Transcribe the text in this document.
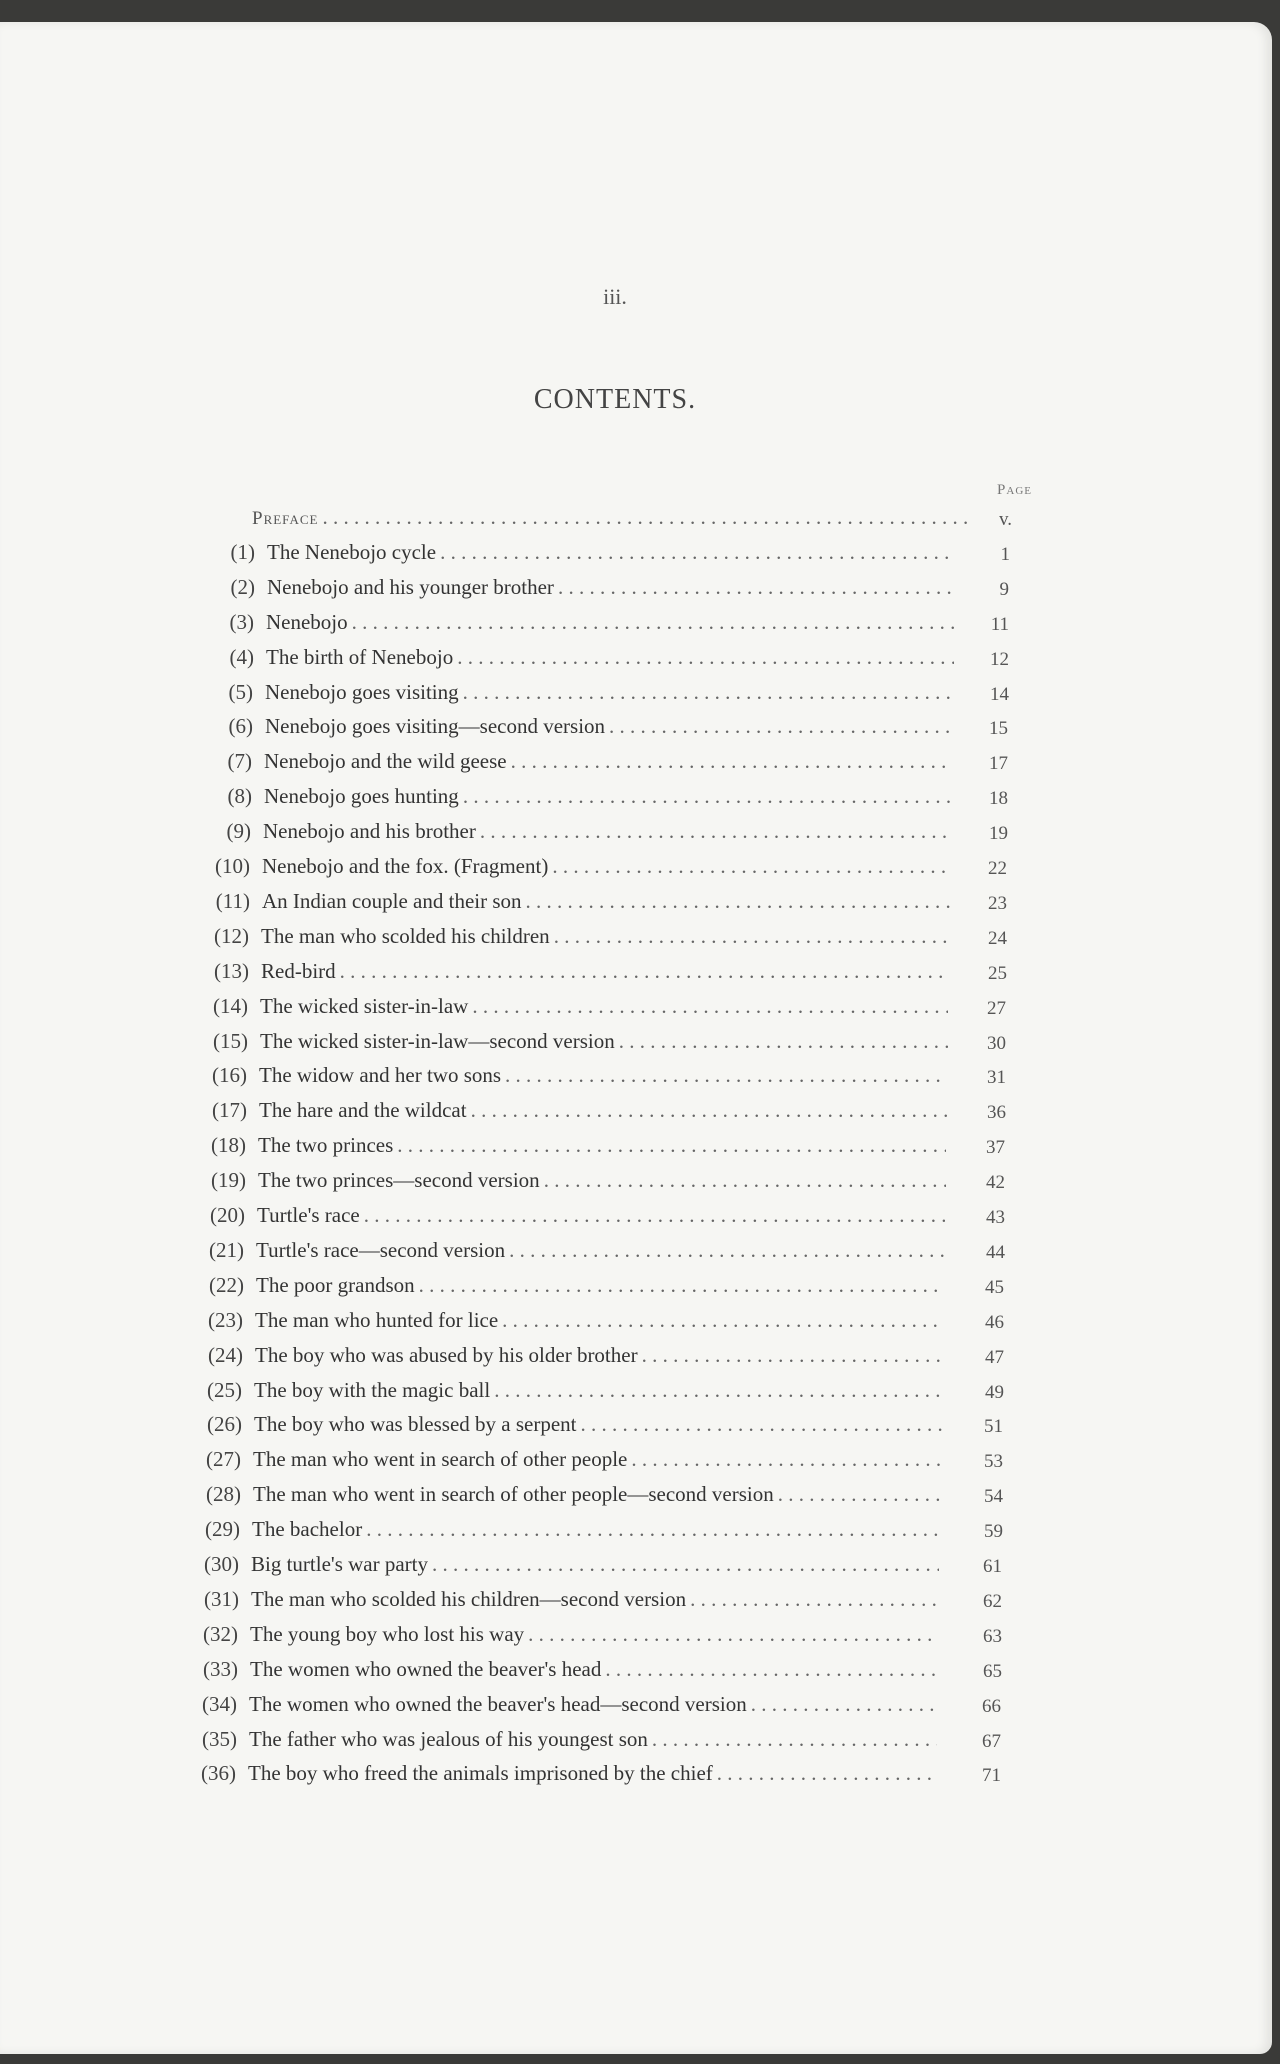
iii.
CONTENTS.
Page
Preface . . .	v.
(1) The Nenebojo cycle . . .	1
(2) Nenebojo and his younger brother . . .	9
(3) Nenebojo . . .	11
(4) The birth of Nenebojo . . .	12
(5) Nenebojo goes visiting . . .	14
(6) Nenebojo goes visiting—second version . . .	15
(7) Nenebojo and the wild geese . . .	17
(8) Nenebojo goes hunting . . .	18
(9) Nenebojo and his brother . . .	19
(10) Nenebojo and the fox. (Fragment) . . .	22
(11) An Indian couple and their son . . .	23
(12) The man who scolded his children . . .	24
(13) Red-bird . . .	25
(14) The wicked sister-in-law . . .	27
(15) The wicked sister-in-law—second version . . .	30
(16) The widow and her two sons . . .	31
(17) The hare and the wildcat . . .	36
(18) The two princes . . .	37
(19) The two princes—second version . . .	42
(20) Turtle's race . . .	43
(21) Turtle's race—second version . . .	44
(22) The poor grandson . . .	45
(23) The man who hunted for lice . . .	46
(24) The boy who was abused by his older brother . . .	47
(25) The boy with the magic ball . . .	49
(26) The boy who was blessed by a serpent . . .	51
(27) The man who went in search of other people . . .	53
(28) The man who went in search of other people—second version . . .	54
(29) The bachelor . . .	59
(30) Big turtle's war party . . .	61
(31) The man who scolded his children—second version . . .	62
(32) The young boy who lost his way . . .	63
(33) The women who owned the beaver's head . . .	65
(34) The women who owned the beaver's head—second version . . .	66
(35) The father who was jealous of his youngest son . . .	67
(36) The boy who freed the animals imprisoned by the chief . . .	71
